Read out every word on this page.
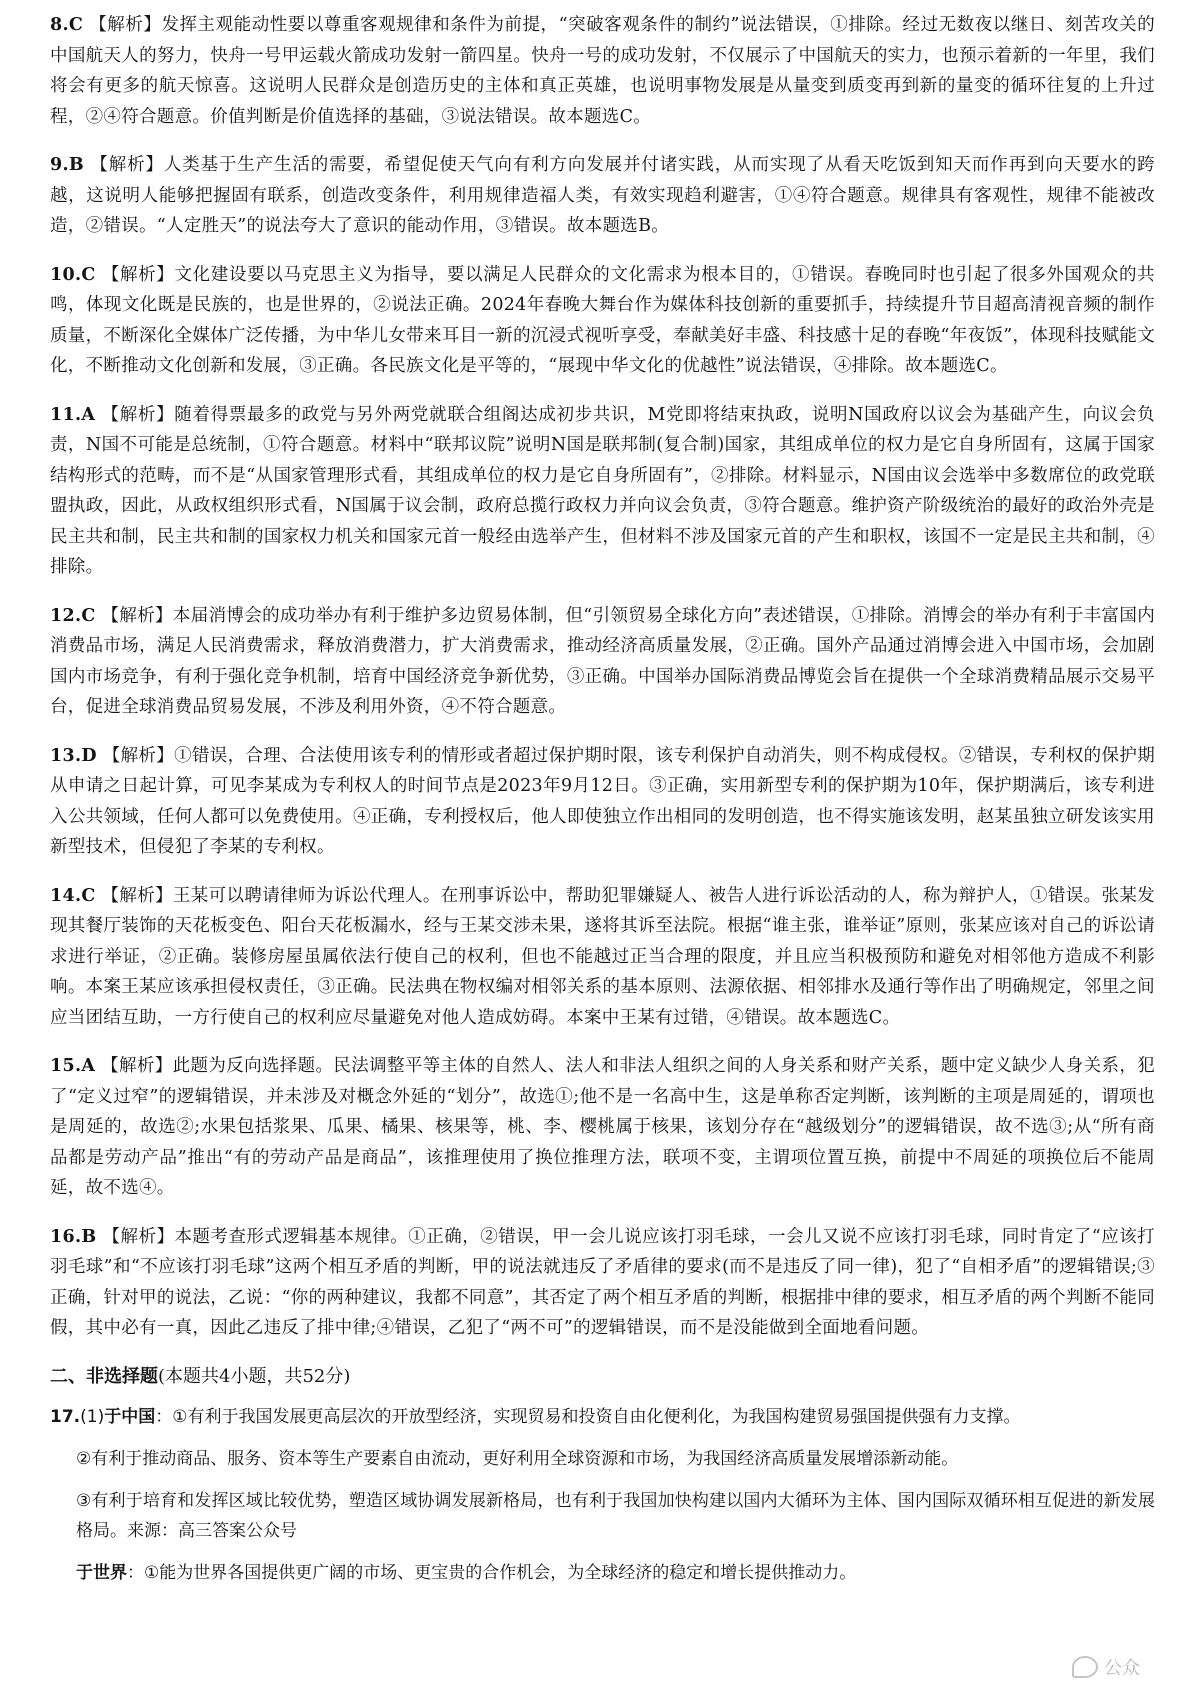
8.C 【解析】发挥主观能动性要以尊重客观规律和条件为前提，“突破客观条件的制约”说法错误，①排除。经过无数夜以继日、刻苦攻关的中国航天人的努力，快舟一号甲运载火箭成功发射一箭四星。快舟一号的成功发射，不仅展示了中国航天的实力，也预示着新的一年里，我们将会有更多的航天惊喜。这说明人民群众是创造历史的主体和真正英雄，也说明事物发展是从量变到质变再到新的量变的循环往复的上升过程，②④符合题意。价值判断是价值选择的基础，③说法错误。故本题选C。

9.B 【解析】人类基于生产生活的需要，希望促使天气向有利方向发展并付诸实践，从而实现了从看天吃饭到知天而作再到向天要水的跨越，这说明人能够把握固有联系，创造改变条件，利用规律造福人类，有效实现趋利避害，①④符合题意。规律具有客观性，规律不能被改造，②错误。“人定胜天”的说法夸大了意识的能动作用，③错误。故本题选B。

10.C 【解析】文化建设要以马克思主义为指导，要以满足人民群众的文化需求为根本目的，①错误。春晚同时也引起了很多外国观众的共鸣，体现文化既是民族的，也是世界的，②说法正确。2024年春晚大舞台作为媒体科技创新的重要抓手，持续提升节目超高清视音频的制作质量，不断深化全媒体广泛传播，为中华儿女带来耳目一新的沉浸式视听享受，奉献美好丰盛、科技感十足的春晚“年夜饭”，体现科技赋能文化，不断推动文化创新和发展，③正确。各民族文化是平等的，“展现中华文化的优越性”说法错误，④排除。故本题选C。

11.A 【解析】随着得票最多的政党与另外两党就联合组阁达成初步共识，M党即将结束执政，说明N国政府以议会为基础产生，向议会负责，N国不可能是总统制，①符合题意。材料中“联邦议院”说明N国是联邦制(复合制)国家，其组成单位的权力是它自身所固有，这属于国家结构形式的范畴，而不是“从国家管理形式看，其组成单位的权力是它自身所固有”，②排除。材料显示，N国由议会选举中多数席位的政党联盟执政，因此，从政权组织形式看，N国属于议会制，政府总揽行政权力并向议会负责，③符合题意。维护资产阶级统治的最好的政治外壳是民主共和制，民主共和制的国家权力机关和国家元首一般经由选举产生，但材料不涉及国家元首的产生和职权，该国不一定是民主共和制，④排除。

12.C 【解析】本届消博会的成功举办有利于维护多边贸易体制，但“引领贸易全球化方向”表述错误，①排除。消博会的举办有利于丰富国内消费品市场，满足人民消费需求，释放消费潜力，扩大消费需求，推动经济高质量发展，②正确。国外产品通过消博会进入中国市场，会加剧国内市场竞争，有利于强化竞争机制，培育中国经济竞争新优势，③正确。中国举办国际消费品博览会旨在提供一个全球消费精品展示交易平台，促进全球消费品贸易发展，不涉及利用外资，④不符合题意。

13.D 【解析】①错误，合理、合法使用该专利的情形或者超过保护期时限，该专利保护自动消失，则不构成侵权。②错误，专利权的保护期从申请之日起计算，可见李某成为专利权人的时间节点是2023年9月12日。③正确，实用新型专利的保护期为10年，保护期满后，该专利进入公共领域，任何人都可以免费使用。④正确，专利授权后，他人即使独立作出相同的发明创造，也不得实施该发明，赵某虽独立研发该实用新型技术，但侵犯了李某的专利权。

14.C 【解析】王某可以聘请律师为诉讼代理人。在刑事诉讼中，帮助犯罪嫌疑人、被告人进行诉讼活动的人，称为辩护人，①错误。张某发现其餐厅装饰的天花板变色、阳台天花板漏水，经与王某交涉未果，遂将其诉至法院。根据“谁主张，谁举证”原则，张某应该对自己的诉讼请求进行举证，②正确。装修房屋虽属依法行使自己的权利，但也不能越过正当合理的限度，并且应当积极预防和避免对相邻他方造成不利影响。本案王某应该承担侵权责任，③正确。民法典在物权编对相邻关系的基本原则、法源依据、相邻排水及通行等作出了明确规定，邻里之间应当团结互助，一方行使自己的权利应尽量避免对他人造成妨碍。本案中王某有过错，④错误。故本题选C。

15.A 【解析】此题为反向选择题。民法调整平等主体的自然人、法人和非法人组织之间的人身关系和财产关系，题中定义缺少人身关系，犯了“定义过窄”的逻辑错误，并未涉及对概念外延的“划分”，故选①;他不是一名高中生，这是单称否定判断，该判断的主项是周延的，谓项也是周延的，故选②;水果包括浆果、瓜果、橘果、核果等，桃、李、樱桃属于核果，该划分存在“越级划分”的逻辑错误，故不选③;从“所有商品都是劳动产品”推出“有的劳动产品是商品”，该推理使用了换位推理方法，联项不变，主谓项位置互换，前提中不周延的项换位后不能周延，故不选④。

16.B 【解析】本题考查形式逻辑基本规律。①正确，②错误，甲一会儿说应该打羽毛球，一会儿又说不应该打羽毛球，同时肯定了“应该打羽毛球”和“不应该打羽毛球”这两个相互矛盾的判断，甲的说法就违反了矛盾律的要求(而不是违反了同一律)，犯了“自相矛盾”的逻辑错误;③正确，针对甲的说法，乙说：“你的两种建议，我都不同意”，其否定了两个相互矛盾的判断，根据排中律的要求，相互矛盾的两个判断不能同假，其中必有一真，因此乙违反了排中律;④错误，乙犯了“两不可”的逻辑错误，而不是没能做到全面地看问题。

二、非选择题(本题共4小题，共52分)

17.(1)于中国：①有利于我国发展更高层次的开放型经济，实现贸易和投资自由化便利化，为我国构建贸易强国提供强有力支撑。

②有利于推动商品、服务、资本等生产要素自由流动，更好利用全球资源和市场，为我国经济高质量发展增添新动能。

③有利于培育和发挥区域比较优势，塑造区域协调发展新格局，也有利于我国加快构建以国内大循环为主体、国内国际双循环相互促进的新发展格局。来源：高三答案公众号

于世界：①能为世界各国提供更广阔的市场、更宝贵的合作机会，为全球经济的稳定和增长提供推动力。

公众
